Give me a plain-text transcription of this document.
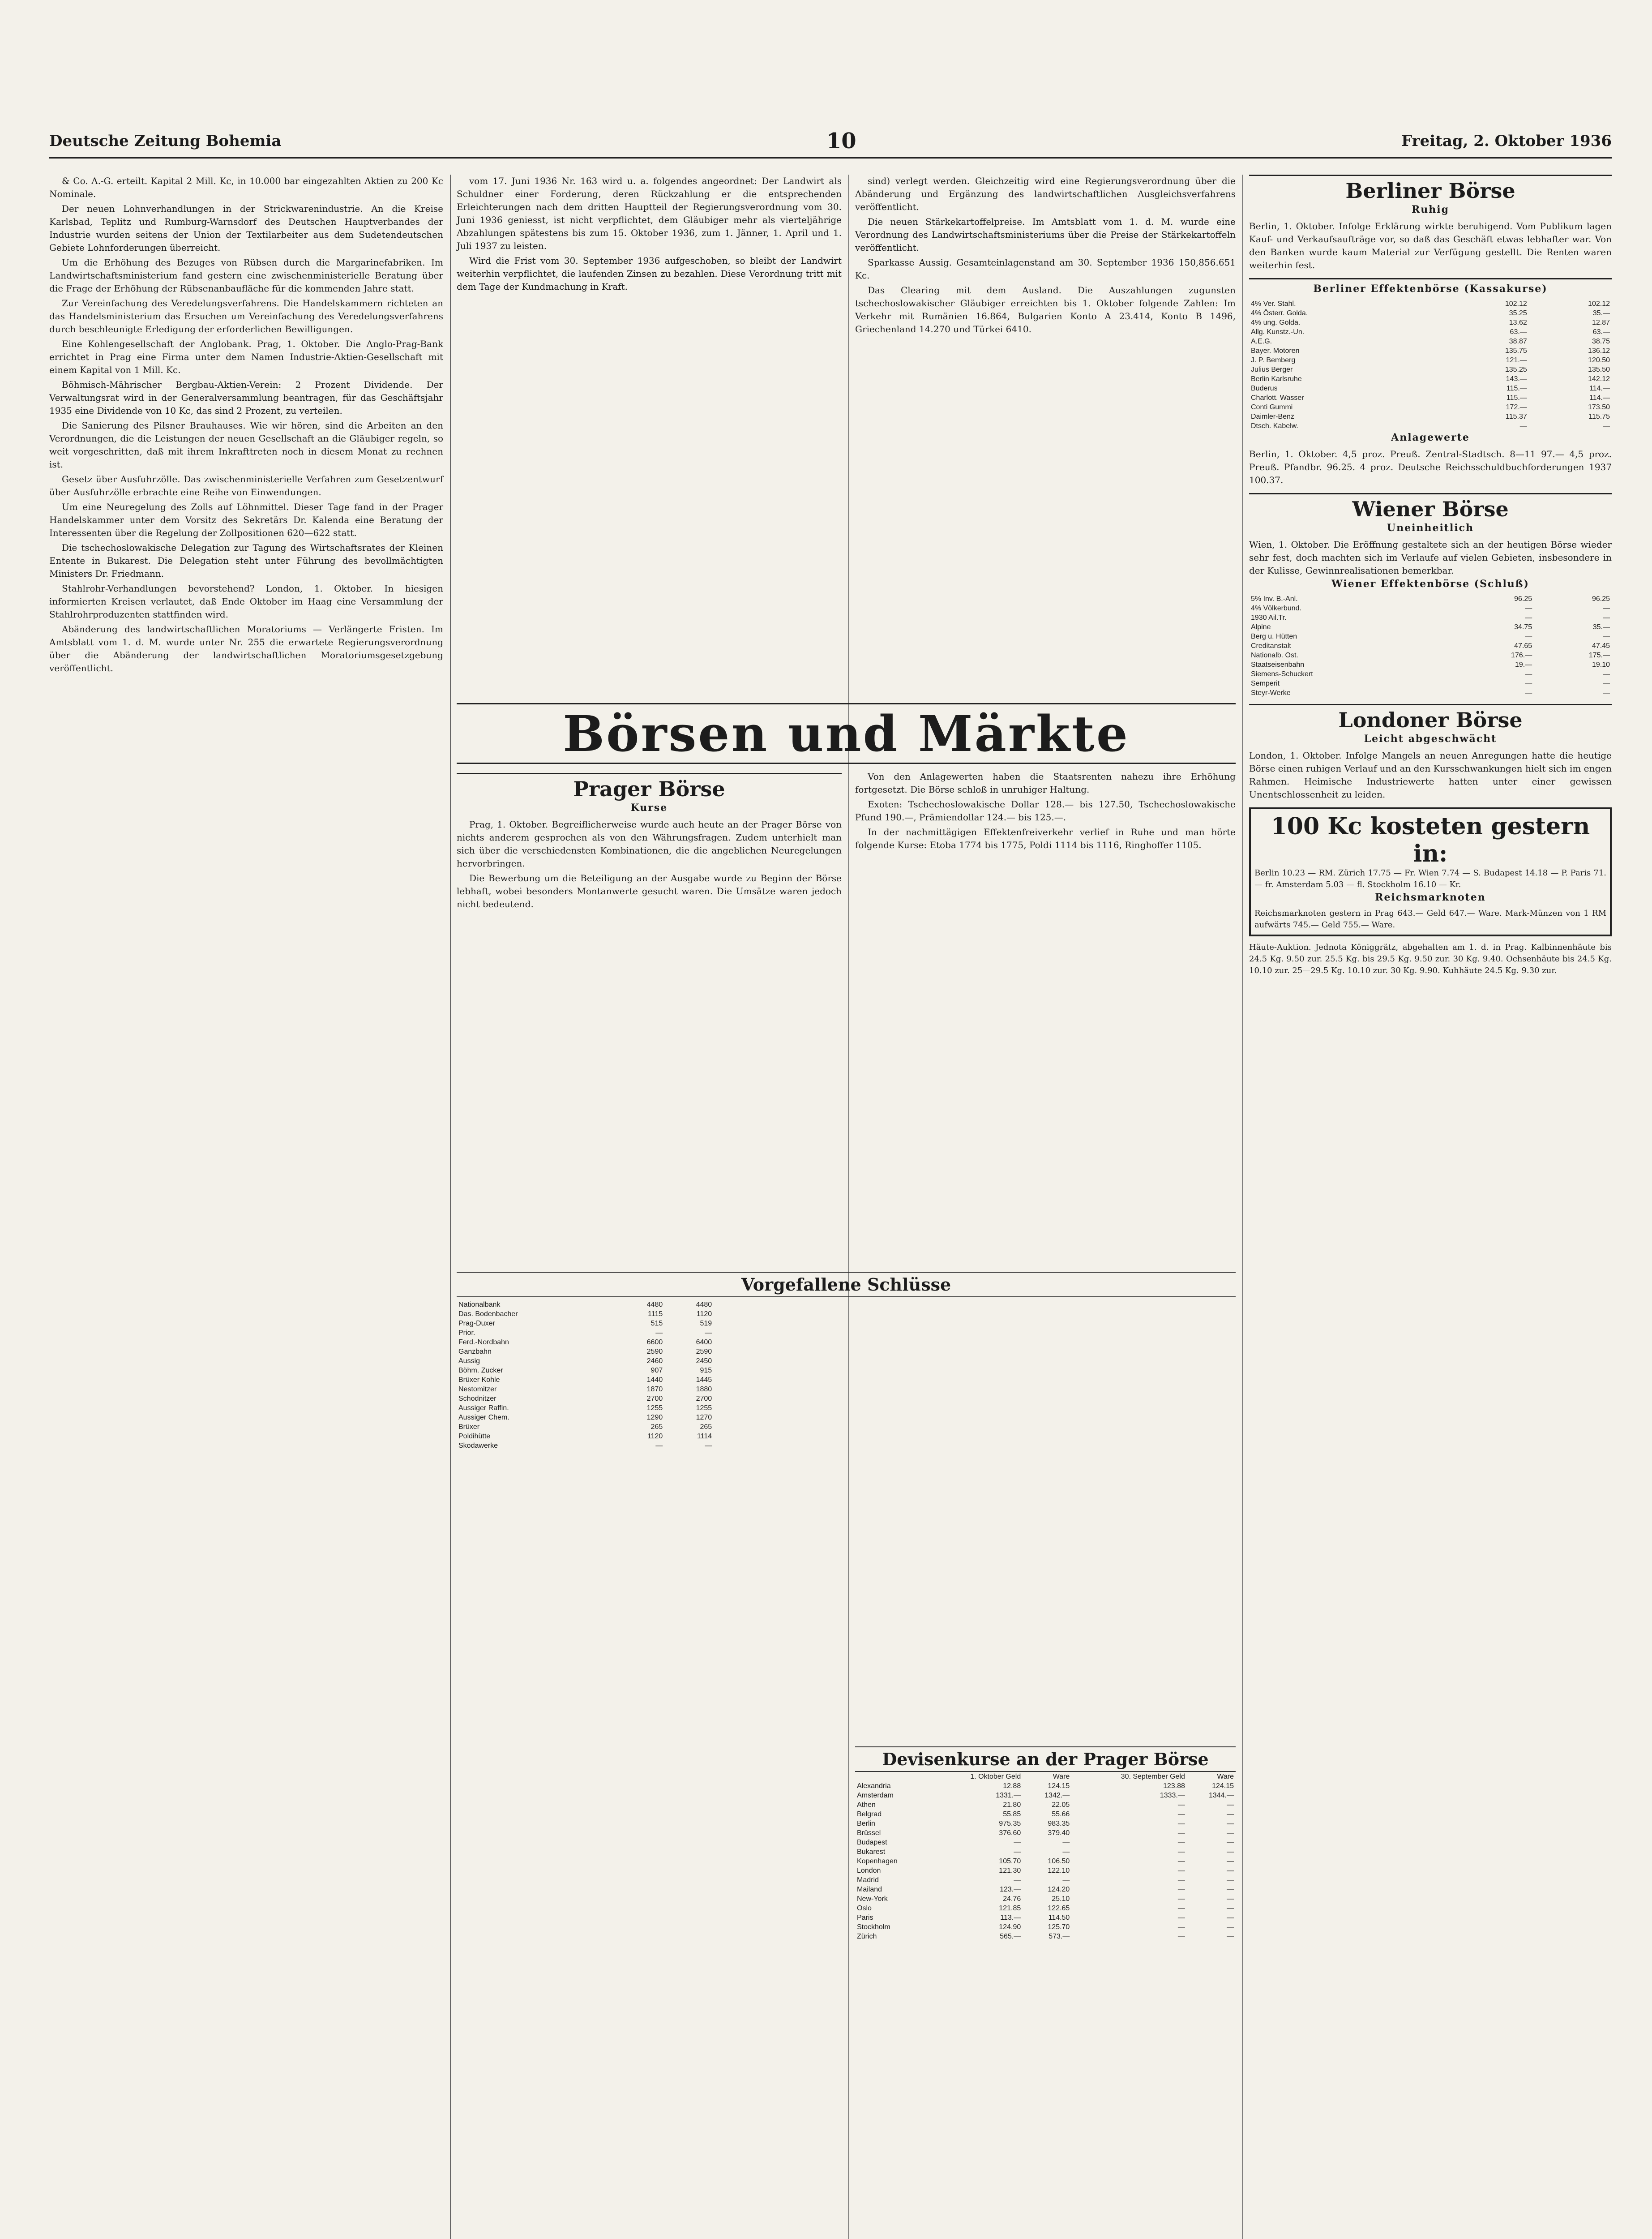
Deutsche Zeitung Bohemia	10	Freitag, 2. Oktober 1936

& Co. A.-G. erteilt. Kapital 2 Mill. Kc, in 10.000 bar eingezahlten Aktien zu 200 Kc Nominale.

Der neuen Lohnverhandlungen in der Strickwarenindustrie. An die Kreise Karlsbad, Teplitz und Rumburg-Warnsdorf des Deutschen Hauptverbandes der Industrie wurden seitens der Union der Textilarbeiter aus dem Sudetendeutschen Gebiete Lohnforderungen überreicht.

Um die Erhöhung des Bezuges von Rübsen durch die Margarinefabriken. Im Landwirtschaftsministerium fand gestern eine zwischenministerielle Beratung über die Frage der Erhöhung der Rübsenanbaufläche für die kommenden Jahre statt.

Zur Vereinfachung des Veredelungsverfahrens. Die Handelskammern richteten an das Handelsministerium das Ersuchen um Vereinfachung des Veredelungsverfahrens durch beschleunigte Erledigung der erforderlichen Bewilligungen.

Eine Kohlengesellschaft der Anglobank. Prag, 1. Oktober. Die Anglo-Prag-Bank errichtet in Prag eine Firma unter dem Namen Industrie-Aktien-Gesellschaft mit einem Kapital von 1 Mill. Kc.

Böhmisch-Mährischer Bergbau-Aktien-Verein: 2 Prozent Dividende. Der Verwaltungsrat wird in der Generalversammlung beantragen, für das Geschäftsjahr 1935 eine Dividende von 10 Kc, das sind 2 Prozent, zu verteilen.

Die Sanierung des Pilsner Brauhauses. Wie wir hören, sind die Arbeiten an den Verordnungen, die die Leistungen der neuen Gesellschaft an die Gläubiger regeln, so weit vorgeschritten, daß mit ihrem Inkrafttreten noch in diesem Monat zu rechnen ist.

Gesetz über Ausfuhrzölle. Das zwischenministerielle Verfahren zum Gesetzentwurf über Ausfuhrzölle erbrachte eine Reihe von Einwendungen.

Um eine Neuregelung des Zolls auf Löhnmittel. Dieser Tage fand in der Prager Handelskammer unter dem Vorsitz des Sekretärs Dr. Kalenda eine Beratung der Interessenten über die Regelung der Zollpositionen 620—622 statt.

Die tschechoslowakische Delegation zur Tagung des Wirtschaftsrates der Kleinen Entente in Bukarest. Die Delegation steht unter Führung des bevollmächtigten Ministers Dr. Friedmann.

Stahlrohr-Verhandlungen bevorstehend? London, 1. Oktober. In hiesigen informierten Kreisen verlautet, daß Ende Oktober im Haag eine Versammlung der Stahlrohrproduzenten stattfinden wird.

Abänderung des landwirtschaftlichen Moratoriums — Verlängerte Fristen. Im Amtsblatt vom 1. d. M. wurde unter Nr. 255 die erwartete Regierungsverordnung über die Abänderung der landwirtschaftlichen Moratoriumsgesetzgebung veröffentlicht.

vom 17. Juni 1936 Nr. 163 wird u. a. folgendes angeordnet: Der Landwirt als Schuldner einer Forderung, deren Rückzahlung er die entsprechenden Erleichterungen nach dem dritten Hauptteil der Regierungsverordnung vom 30. Juni 1936 geniesst, ist nicht verpflichtet, dem Gläubiger mehr als vierteljährige Abzahlungen spätestens bis zum 15. Oktober 1936, zum 1. Jänner, 1. April und 1. Juli 1937 zu leisten.

Wird die Frist vom 30. September 1936 aufgeschoben, so bleibt der Landwirt weiterhin verpflichtet, die laufenden Zinsen zu bezahlen. Diese Verordnung tritt mit dem Tage der Kundmachung in Kraft.

sind) verlegt werden. Gleichzeitig wird eine Regierungsverordnung über die Abänderung und Ergänzung des landwirtschaftlichen Ausgleichsverfahrens veröffentlicht.

Die neuen Stärkekartoffelpreise. Im Amtsblatt vom 1. d. M. wurde eine Verordnung des Landwirtschaftsministeriums über die Preise der Stärkekartoffeln veröffentlicht.

Sparkasse Aussig. Gesamteinlagenstand am 30. September 1936 150,856.651 Kc.

Das Clearing mit dem Ausland. Die Auszahlungen zugunsten tschechoslowakischer Gläubiger erreichten bis 1. Oktober folgende Zahlen: Im Verkehr mit Rumänien 16.864, Bulgarien Konto A 23.414, Konto B 1496, Griechenland 14.270 und Türkei 6410.

Börsen und Märkte
Prager Börse
Kurse

Prag, 1. Oktober. Begreiflicherweise wurde auch heute an der Prager Börse von nichts anderem gesprochen als von den Währungsfragen. Zudem unterhielt man sich über die verschiedensten Kombinationen, die die angeblichen Neuregelungen hervorbringen.

Die Bewerbung um die Beteiligung an der Ausgabe wurde zu Beginn der Börse lebhaft, wobei besonders Montanwerte gesucht waren. Die Umsätze waren jedoch nicht bedeutend.

Von den Anlagewerten haben die Staatsrenten nahezu ihre Erhöhung fortgesetzt. Die Börse schloß in unruhiger Haltung.

Exoten: Tschechoslowakische Dollar 128.— bis 127.50, Tschechoslowakische Pfund 190.—, Prämiendollar 124.— bis 125.—.

In der nachmittägigen Effektenfreiverkehr verlief in Ruhe und man hörte folgende Kurse: Etoba 1774 bis 1775, Poldi 1114 bis 1116, Ringhoffer 1105.

Vorgefallene Schlüsse
Nationalbank	4480	4480
Das. Bodenbacher	1115	1120
Prag-Duxer	515	519
Prior.	—	—
Ferd.-Nordbahn	6600	6400
Ganzbahn	2590	2590
Aussig	2460	2450
Böhm. Zucker	907	915
Brüxer Kohle	1440	1445
Nestomitzer	1870	1880
Schodnitzer	2700	2700
Aussiger Raffin.	1255	1255
Aussiger Chem.	1290	1270
Brüxer	265	265
Poldihütte	1120	1114
Skodawerke	—	—
Devisenkurse an der Prager Börse
	1. Oktober Geld	Ware	30. September Geld	Ware
Alexandria	12.88	124.15	123.88	124.15
Amsterdam	1331.—	1342.—	1333.—	1344.—
Athen	21.80	22.05	—	—
Belgrad	55.85	55.66	—	—
Berlin	975.35	983.35	—	—
Brüssel	376.60	379.40	—	—
Budapest	—	—	—	—
Bukarest	—	—	—	—
Kopenhagen	105.70	106.50	—	—
London	121.30	122.10	—	—
Madrid	—	—	—	—
Mailand	123.—	124.20	—	—
New-York	24.76	25.10	—	—
Oslo	121.85	122.65	—	—
Paris	113.—	114.50	—	—
Stockholm	124.90	125.70	—	—
Zürich	565.—	573.—	—	—
Berliner Börse
Ruhig
Berlin, 1. Oktober. Infolge Erklärung wirkte beruhigend. Vom Publikum lagen Kauf- und Verkaufsaufträge vor, so daß das Geschäft etwas lebhafter war. Von den Banken wurde kaum Material zur Verfügung gestellt. Die Renten waren weiterhin fest.
Berliner Effektenbörse (Kassakurse)
4% Ver. Stahl.	102.12	102.12
4% Österr. Golda.	35.25	35.—
4% ung. Golda.	13.62	12.87
Allg. Kunstz.-Un.	63.—	63.—
A.E.G.	38.87	38.75
Bayer. Motoren	135.75	136.12
J. P. Bemberg	121.—	120.50
Julius Berger	135.25	135.50
Berlin Karlsruhe	143.—	142.12
Buderus	115.—	114.—
Charlott. Wasser	115.—	114.—
Conti Gummi	172.—	173.50
Daimler-Benz	115.37	115.75
Dtsch. Kabelw.	—	—
Anlagewerte
Berlin, 1. Oktober. 4,5 proz. Preuß. Zentral-Stadtsch. 8—11 97.— 4,5 proz. Preuß. Pfandbr. 96.25. 4 proz. Deutsche Reichsschuldbuchforderungen 1937 100.37.
Wiener Börse
Uneinheitlich
Wien, 1. Oktober. Die Eröffnung gestaltete sich an der heutigen Börse wieder sehr fest, doch machten sich im Verlaufe auf vielen Gebieten, insbesondere in der Kulisse, Gewinnrealisationen bemerkbar.
Wiener Effektenbörse (Schluß)
5% Inv. B.-Anl.	96.25	96.25
4% Völkerbund.	—	—
1930 Ail.Tr.	—	—
Alpine	34.75	35.—
Berg u. Hütten	—	—
Creditanstalt	47.65	47.45
Nationalb. Ost.	176.—	175.—
Staatseisenbahn	19.—	19.10
Siemens-Schuckert	—	—
Semperit	—	—
Steyr-Werke	—	—
Londoner Börse
Leicht abgeschwächt
London, 1. Oktober. Infolge Mangels an neuen Anregungen hatte die heutige Börse einen ruhigen Verlauf und an den Kursschwankungen hielt sich im engen Rahmen. Heimische Industriewerte hatten unter einer gewissen Unentschlossenheit zu leiden.
100 Kc kosteten gestern in:
Berlin 10.23 — RM. Zürich 17.75 — Fr. Wien 7.74 — S. Budapest 14.18 — P. Paris 71.— fr. Amsterdam 5.03 — fl. Stockholm 16.10 — Kr.
Reichsmarknoten
Reichsmarknoten gestern in Prag 643.— Geld 647.— Ware. Mark-Münzen von 1 RM aufwärts 745.— Geld 755.— Ware.
Häute-Auktion. Jednota Königgrätz, abgehalten am 1. d. in Prag. Kalbinnenhäute bis 24.5 Kg. 9.50 zur. 25.5 Kg. bis 29.5 Kg. 9.50 zur. 30 Kg. 9.40. Ochsenhäute bis 24.5 Kg. 10.10 zur. 25—29.5 Kg. 10.10 zur. 30 Kg. 9.90. Kuhhäute 24.5 Kg. 9.30 zur.
